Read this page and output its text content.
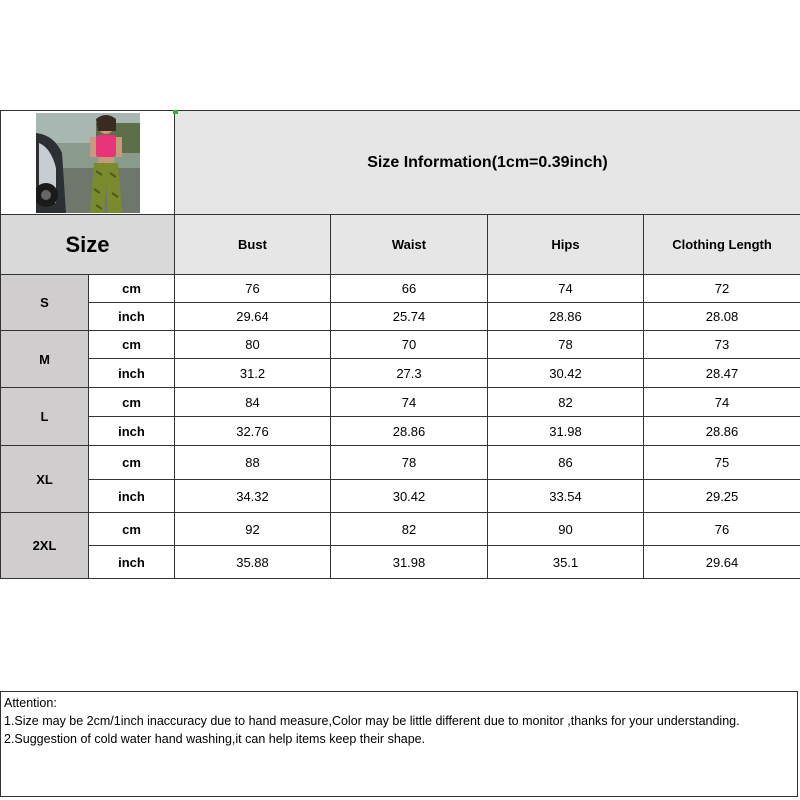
	Size Information(1cm=0.39inch)			
Size		Bust	Waist	Hips	Clothing Length
S	cm	76	66	74	72
	inch	29.64	25.74	28.86	28.08
M	cm	80	70	78	73
	inch	31.2	27.3	30.42	28.47
L	cm	84	74	82	74
	inch	32.76	28.86	31.98	28.86
XL	cm	88	78	86	75
	inch	34.32	30.42	33.54	29.25
2XL	cm	92	82	90	76
	inch	35.88	31.98	35.1	29.64
Attention:
1.Size may be 2cm/1inch inaccuracy due to hand measure,Color may be little different due to monitor ,thanks for your understanding.
2.Suggestion of cold water hand washing,it can help items keep their shape.
